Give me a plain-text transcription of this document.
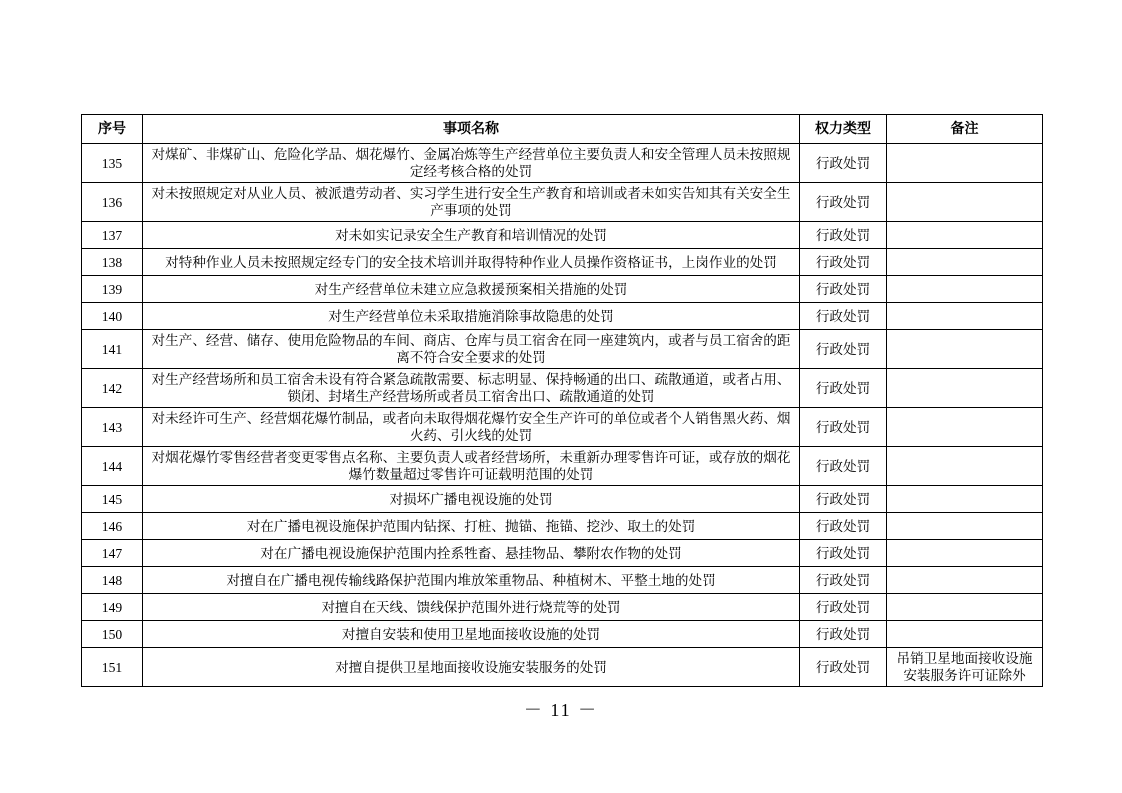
序号	事项名称	权力类型	备注
135	对煤矿、非煤矿山、危险化学品、烟花爆竹、金属冶炼等生产经营单位主要负责人和安全管理人员未按照规定经考核合格的处罚	行政处罚	
136	对未按照规定对从业人员、被派遣劳动者、实习学生进行安全生产教育和培训或者未如实告知其有关安全生产事项的处罚	行政处罚	
137	对未如实记录安全生产教育和培训情况的处罚	行政处罚	
138	对特种作业人员未按照规定经专门的安全技术培训并取得特种作业人员操作资格证书，上岗作业的处罚	行政处罚	
139	对生产经营单位未建立应急救援预案相关措施的处罚	行政处罚	
140	对生产经营单位未采取措施消除事故隐患的处罚	行政处罚	
141	对生产、经营、储存、使用危险物品的车间、商店、仓库与员工宿舍在同一座建筑内，或者与员工宿舍的距离不符合安全要求的处罚	行政处罚	
142	对生产经营场所和员工宿舍未设有符合紧急疏散需要、标志明显、保持畅通的出口、疏散通道，或者占用、锁闭、封堵生产经营场所或者员工宿舍出口、疏散通道的处罚	行政处罚	
143	对未经许可生产、经营烟花爆竹制品，或者向未取得烟花爆竹安全生产许可的单位或者个人销售黑火药、烟火药、引火线的处罚	行政处罚	
144	对烟花爆竹零售经营者变更零售点名称、主要负责人或者经营场所，未重新办理零售许可证，或存放的烟花爆竹数量超过零售许可证载明范围的处罚	行政处罚	
145	对损坏广播电视设施的处罚	行政处罚	
146	对在广播电视设施保护范围内钻探、打桩、抛锚、拖锚、挖沙、取土的处罚	行政处罚	
147	对在广播电视设施保护范围内拴系牲畜、悬挂物品、攀附农作物的处罚	行政处罚	
148	对擅自在广播电视传输线路保护范围内堆放笨重物品、种植树木、平整土地的处罚	行政处罚	
149	对擅自在天线、馈线保护范围外进行烧荒等的处罚	行政处罚	
150	对擅自安装和使用卫星地面接收设施的处罚	行政处罚	
151	对擅自提供卫星地面接收设施安装服务的处罚	行政处罚	吊销卫星地面接收设施安装服务许可证除外
－ 11 －
